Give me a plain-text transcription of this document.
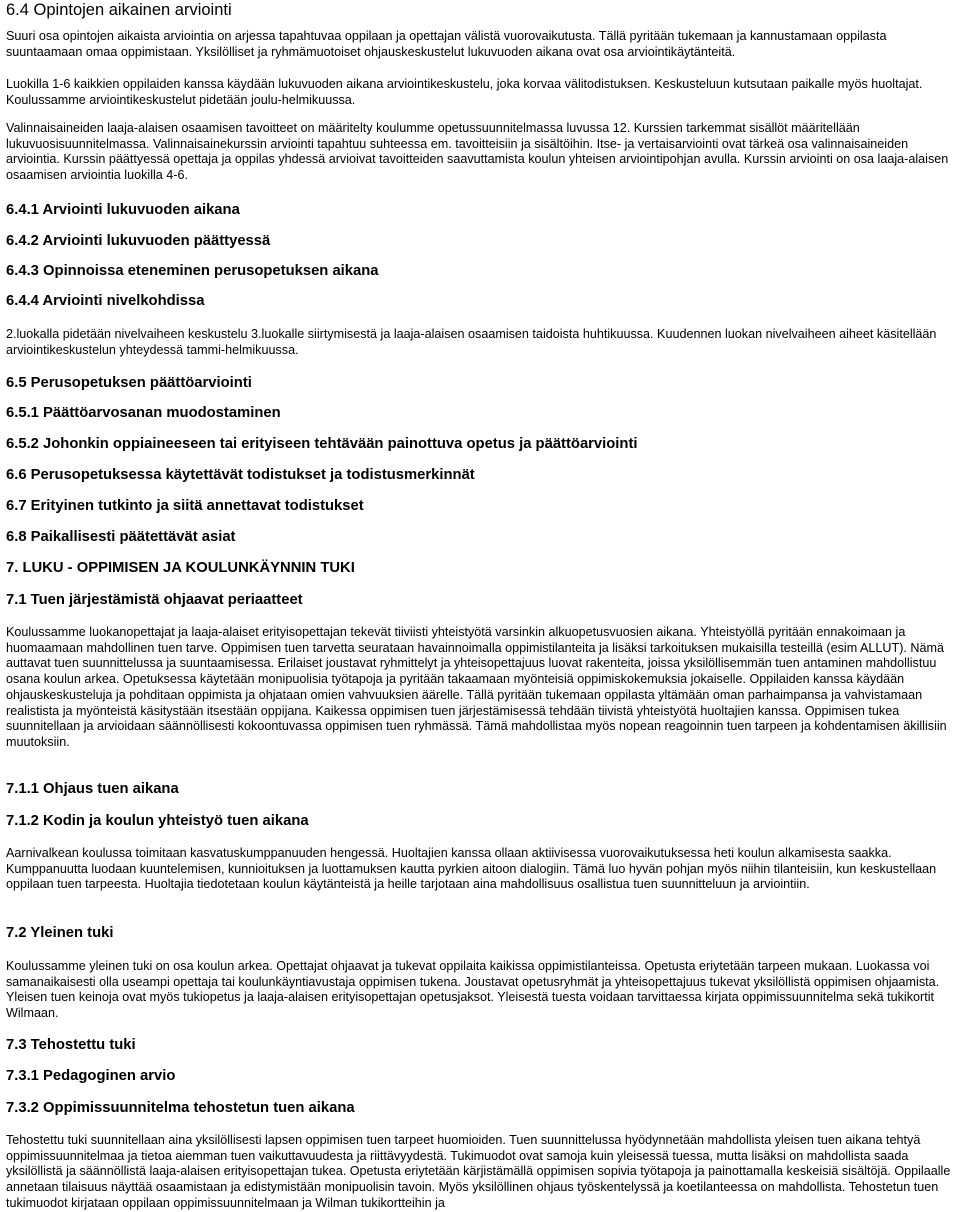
6.4 Opintojen aikainen arviointi

Suuri osa opintojen aikaista arviointia on arjessa tapahtuvaa oppilaan ja opettajan välistä vuorovaikutusta. Tällä pyritään tukemaan ja kannustamaan oppilasta suuntaamaan omaa oppimistaan. Yksilölliset ja ryhmämuotoiset ohjauskeskustelut lukuvuoden aikana ovat osa arviointikäytänteitä.

Luokilla 1-6 kaikkien oppilaiden kanssa käydään lukuvuoden aikana arviointikeskustelu, joka korvaa välitodistuksen. Keskusteluun kutsutaan paikalle myös huoltajat. Koulussamme arviointikeskustelut pidetään joulu-helmikuussa.

Valinnaisaineiden laaja-alaisen osaamisen tavoitteet on määritelty koulumme opetussuunnitelmassa luvussa 12. Kurssien tarkemmat sisällöt määritellään lukuvuosisuunnitelmassa. Valinnaisainekurssin arviointi tapahtuu suhteessa em. tavoitteisiin ja sisältöihin. Itse- ja vertaisarviointi ovat tärkeä osa valinnaisaineiden arviointia. Kurssin päättyessä opettaja ja oppilas yhdessä arvioivat tavoitteiden saavuttamista koulun yhteisen arviointipohjan avulla. Kurssin arviointi on osa laaja-alaisen osaamisen arviointia luokilla 4-6.

6.4.1 Arviointi lukuvuoden aikana
6.4.2 Arviointi lukuvuoden päättyessä
6.4.3 Opinnoissa eteneminen perusopetuksen aikana
6.4.4 Arviointi nivelkohdissa

2.luokalla pidetään nivelvaiheen keskustelu 3.luokalle siirtymisestä ja laaja-alaisen osaamisen taidoista huhtikuussa. Kuudennen luokan nivelvaiheen aiheet käsitellään arviointikeskustelun yhteydessä tammi-helmikuussa.

6.5 Perusopetuksen päättöarviointi
6.5.1 Päättöarvosanan muodostaminen
6.5.2 Johonkin oppiaineeseen tai erityiseen tehtävään painottuva opetus ja päättöarviointi
6.6 Perusopetuksessa käytettävät todistukset ja todistusmerkinnät
6.7 Erityinen tutkinto ja siitä annettavat todistukset
6.8 Paikallisesti päätettävät asiat
7. LUKU - OPPIMISEN JA KOULUNKÄYNNIN TUKI
7.1 Tuen järjestämistä ohjaavat periaatteet

Koulussamme luokanopettajat ja laaja-alaiset erityisopettajan tekevät tiiviisti yhteistyötä varsinkin alkuopetusvuosien aikana. Yhteistyöllä pyritään ennakoimaan ja huomaamaan mahdollinen tuen tarve. Oppimisen tuen tarvetta seurataan havainnoimalla oppimistilanteita ja lisäksi tarkoituksen mukaisilla testeillä (esim ALLUT). Nämä auttavat tuen suunnittelussa ja suuntaamisessa. Erilaiset joustavat ryhmittelyt ja yhteisopettajuus luovat rakenteita, joissa yksilöllisemmän tuen antaminen mahdollistuu osana koulun arkea. Opetuksessa käytetään monipuolisia työtapoja ja pyritään takaamaan myönteisiä oppimiskokemuksia jokaiselle. Oppilaiden kanssa käydään ohjauskeskusteluja ja pohditaan oppimista ja ohjataan omien vahvuuksien äärelle. Tällä pyritään tukemaan oppilasta yltämään oman parhaimpansa ja vahvistamaan realistista ja myönteistä käsitystään itsestään oppijana. Kaikessa oppimisen tuen järjestämisessä tehdään tiivistä yhteistyötä huoltajien kanssa. Oppimisen tukea suunnitellaan ja arvioidaan säännöllisesti kokoontuvassa oppimisen tuen ryhmässä. Tämä mahdollistaa myös nopean reagoinnin tuen tarpeen ja kohdentamisen äkillisiin muutoksiin.

7.1.1 Ohjaus tuen aikana
7.1.2 Kodin ja koulun yhteistyö tuen aikana

Aarnivalkean koulussa toimitaan kasvatuskumppanuuden hengessä. Huoltajien kanssa ollaan aktiivisessa vuorovaikutuksessa heti koulun alkamisesta saakka. Kumppanuutta luodaan kuuntelemisen, kunnioituksen ja luottamuksen kautta pyrkien aitoon dialogiin. Tämä luo hyvän pohjan myös niihin tilanteisiin, kun keskustellaan oppilaan tuen tarpeesta. Huoltajia tiedotetaan koulun käytänteistä ja heille tarjotaan aina mahdollisuus osallistua tuen suunnitteluun ja arviointiin.

7.2 Yleinen tuki

Koulussamme yleinen tuki on osa koulun arkea. Opettajat ohjaavat ja tukevat oppilaita kaikissa oppimistilanteissa. Opetusta eriytetään tarpeen mukaan. Luokassa voi samanaikaisesti olla useampi opettaja tai koulunkäyntiavustaja oppimisen tukena. Joustavat opetusryhmät ja yhteisopettajuus tukevat yksilöllistä oppimisen ohjaamista. Yleisen tuen keinoja ovat myös tukiopetus ja laaja-alaisen erityisopettajan opetusjaksot. Yleisestä tuesta voidaan tarvittaessa kirjata oppimissuunnitelma sekä tukikortit Wilmaan.

7.3 Tehostettu tuki
7.3.1 Pedagoginen arvio
7.3.2 Oppimissuunnitelma tehostetun tuen aikana

Tehostettu tuki suunnitellaan aina yksilöllisesti lapsen oppimisen tuen tarpeet huomioiden. Tuen suunnittelussa hyödynnetään mahdollista yleisen tuen aikana tehtyä oppimissuunnitelmaa ja tietoa aiemman tuen vaikuttavuudesta ja riittävyydestä. Tukimuodot ovat samoja kuin yleisessä tuessa, mutta lisäksi on mahdollista saada yksilöllistä ja säännöllistä laaja-alaisen erityisopettajan tukea. Opetusta eriytetään kärjistämällä oppimisen sopivia työtapoja ja painottamalla keskeisiä sisältöjä. Oppilaalle annetaan tilaisuus näyttää osaamistaan ja edistymistään monipuolisin tavoin. Myös yksilöllinen ohjaus työskentelyssä ja koetilanteessa on mahdollista. Tehostetun tuen tukimuodot kirjataan oppilaan oppimissuunnitelmaan ja Wilman tukikortteihin ja
